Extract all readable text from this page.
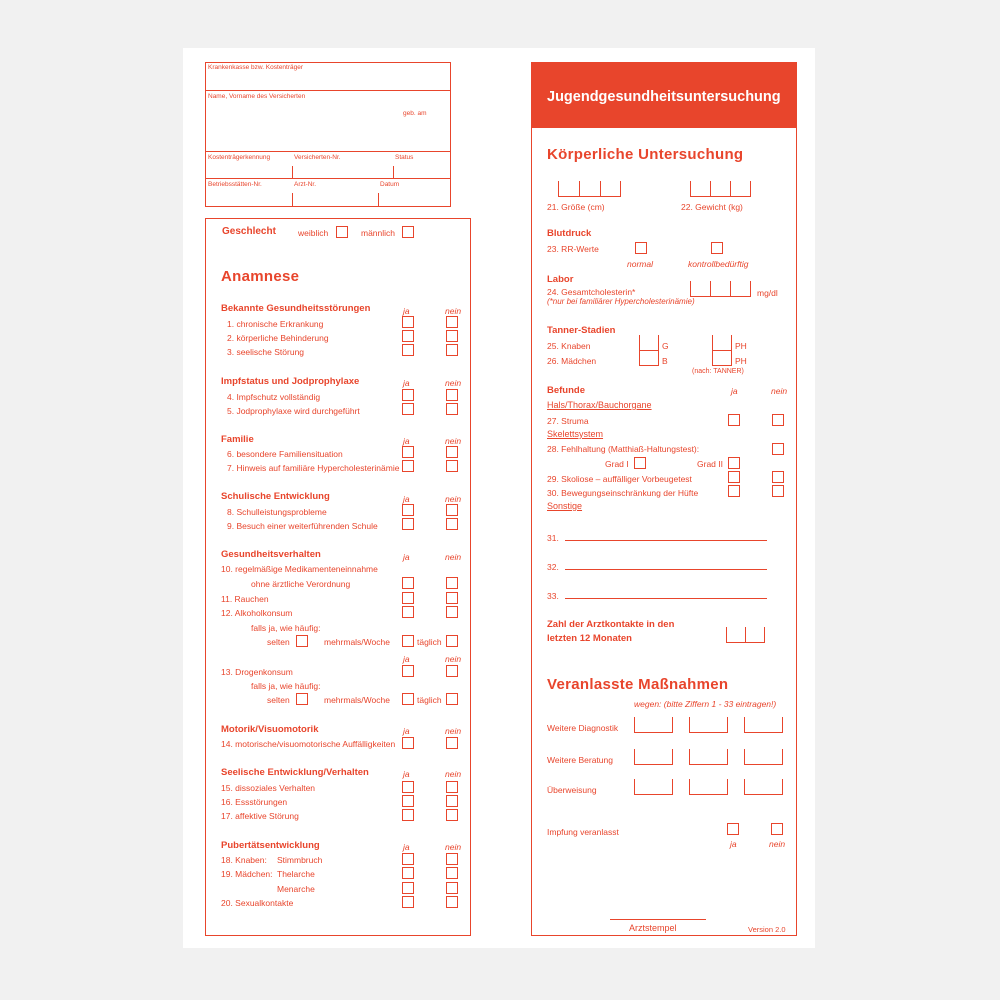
Krankenkasse bzw. Kostenträger
Name, Vorname des Versicherten
geb. am
Kostenträgerkennung	Versicherten-Nr.	Status
Betriebsstätten-Nr.	Arzt-Nr.	Datum
Geschlecht	weiblich	männlich
Anamnese
Bekannte Gesundheitsstörungen	ja	nein
1. chronische Erkrankung
2. körperliche Behinderung
3. seelische Störung
Impfstatus und Jodprophylaxe	ja	nein
4. Impfschutz vollständig
5. Jodprophylaxe wird durchgeführt
Familie	ja	nein
6. besondere Familiensituation
7. Hinweis auf familiäre Hypercholesterinämie
Schulische Entwicklung	ja	nein
8. Schulleistungsprobleme
9. Besuch einer weiterführenden Schule
Gesundheitsverhalten	ja	nein
10. regelmäßige Medikamenteneinnahme
ohne ärztliche Verordnung
11. Rauchen
12. Alkoholkonsum
falls ja, wie häufig:
selten	mehrmals/Woche	täglich
ja	nein
13. Drogenkonsum
falls ja, wie häufig:
selten	mehrmals/Woche	täglich
Motorik/Visuomotorik	ja	nein
14. motorische/visuomotorische Auffälligkeiten
Seelische Entwicklung/Verhalten	ja	nein
15. dissoziales Verhalten
16. Essstörungen
17. affektive Störung
Pubertätsentwicklung	ja	nein
18. Knaben: Stimmbruch
19. Mädchen: Thelarche
Menarche
20. Sexualkontakte
Jugendgesundheitsuntersuchung
Körperliche Untersuchung
21. Größe (cm)	22. Gewicht (kg)
Blutdruck
23. RR-Werte
normal	kontrollbedürftig
Labor
24. Gesamtcholesterin*	mg/dl
(*nur bei familiärer Hypercholesterinämie)
Tanner-Stadien
25. Knaben	G	PH
26. Mädchen	B	PH
(nach: TANNER)
Befunde	ja	nein
Hals/Thorax/Bauchorgane
27. Struma
Skelettsystem
28. Fehlhaltung (Matthiaß-Haltungstest):
Grad I	Grad II
29. Skoliose – auffälliger Vorbeugetest
30. Bewegungseinschränkung der Hüfte
Sonstige
31.
32.
33.
Zahl der Arztkontakte in den
letzten 12 Monaten
Veranlasste Maßnahmen
wegen: (bitte Ziffern 1 - 33 eintragen!)
Weitere Diagnostik
Weitere Beratung
Überweisung
Impfung veranlasst
ja	nein
Arztstempel	Version 2.0
